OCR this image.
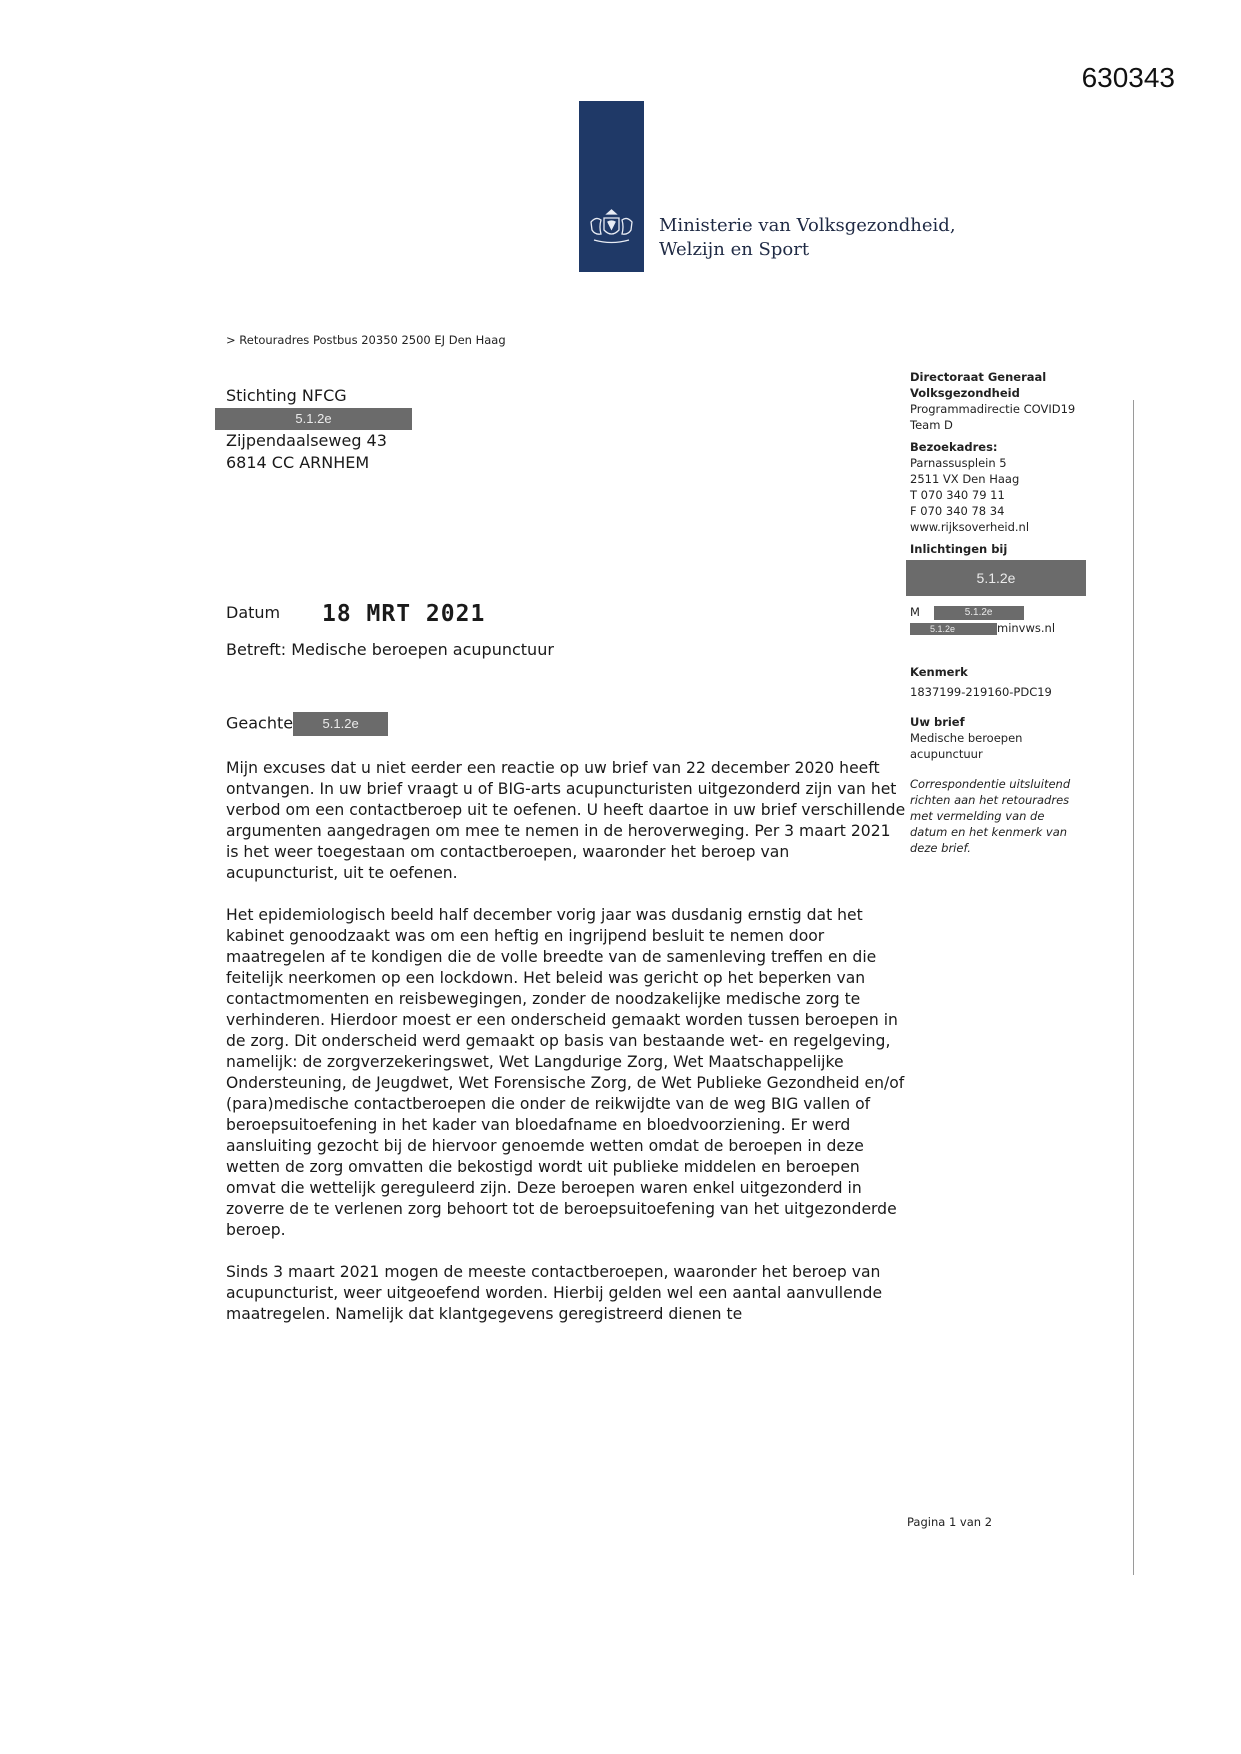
630343
Ministerie van Volksgezondheid,
Welzijn en Sport
> Retouradres Postbus 20350 2500 EJ Den Haag
Stichting NFCG
5.1.2e
Zijpendaalseweg 43
6814 CC ARNHEM
Datum 18 MRT 2021
Betreft: Medische beroepen acupunctuur
Geachte 5.1.2e

Mijn excuses dat u niet eerder een reactie op uw brief van 22 december 2020 heeft ontvangen. In uw brief vraagt u of BIG-arts acupuncturisten uitgezonderd zijn van het verbod om een contactberoep uit te oefenen. U heeft daartoe in uw brief verschillende argumenten aangedragen om mee te nemen in de heroverweging. Per 3 maart 2021 is het weer toegestaan om contactberoepen, waaronder het beroep van acupuncturist, uit te oefenen.

Het epidemiologisch beeld half december vorig jaar was dusdanig ernstig dat het kabinet genoodzaakt was om een heftig en ingrijpend besluit te nemen door maatregelen af te kondigen die de volle breedte van de samenleving treffen en die feitelijk neerkomen op een lockdown. Het beleid was gericht op het beperken van contactmomenten en reisbewegingen, zonder de noodzakelijke medische zorg te verhinderen. Hierdoor moest er een onderscheid gemaakt worden tussen beroepen in de zorg. Dit onderscheid werd gemaakt op basis van bestaande wet- en regelgeving, namelijk: de zorgverzekeringswet, Wet Langdurige Zorg, Wet Maatschappelijke Ondersteuning, de Jeugdwet, Wet Forensische Zorg, de Wet Publieke Gezondheid en/of (para)medische contactberoepen die onder de reikwijdte van de weg BIG vallen of beroepsuitoefening in het kader van bloedafname en bloedvoorziening. Er werd aansluiting gezocht bij de hiervoor genoemde wetten omdat de beroepen in deze wetten de zorg omvatten die bekostigd wordt uit publieke middelen en beroepen omvat die wettelijk gereguleerd zijn. Deze beroepen waren enkel uitgezonderd in zoverre de te verlenen zorg behoort tot de beroepsuitoefening van het uitgezonderde beroep.

Sinds 3 maart 2021 mogen de meeste contactberoepen, waaronder het beroep van acupuncturist, weer uitgeoefend worden. Hierbij gelden wel een aantal aanvullende maatregelen. Namelijk dat klantgegevens geregistreerd dienen te

Directoraat Generaal
Volksgezondheid
Programmadirectie COVID19
Team D
Bezoekadres:
Parnassusplein 5
2511 VX Den Haag
T 070 340 79 11
F 070 340 78 34
www.rijksoverheid.nl
Inlichtingen bij
5.1.2e
M	5.1.2e
5.1.2e	minvws.nl
Kenmerk
1837199-219160-PDC19
Uw brief
Medische beroepen
acupunctuur
Correspondentie uitsluitend
richten aan het retouradres
met vermelding van de
datum en het kenmerk van
deze brief.
Pagina 1 van 2
